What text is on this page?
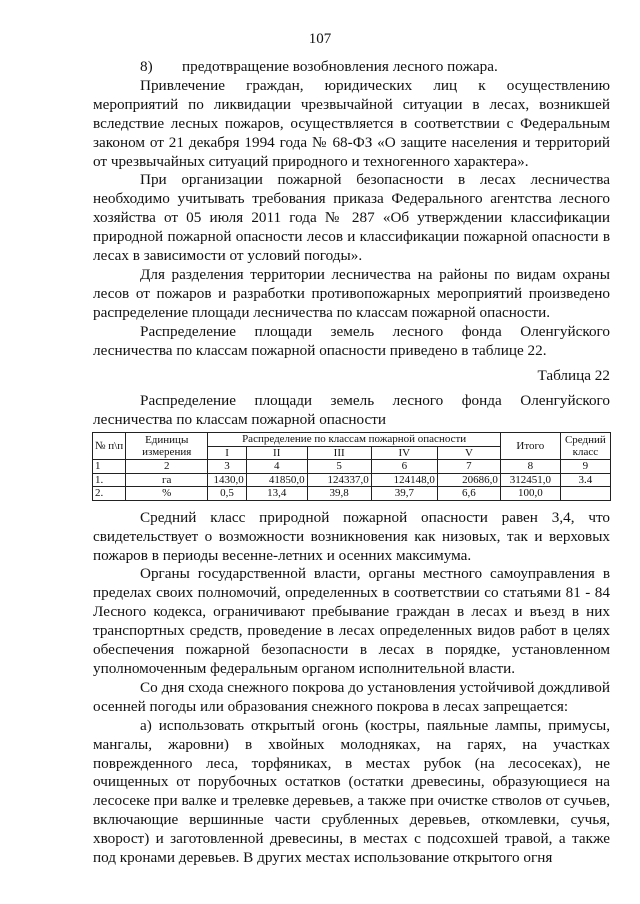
107

8) предотвращение возобновления лесного пожара.

Привлечение граждан, юридических лиц к осуществлению мероприятий по ликвидации чрезвычайной ситуации в лесах, возникшей вследствие лесных пожаров, осуществляется в соответствии с Федеральным законом от 21 декабря 1994 года № 68-ФЗ «О защите населения и территорий от чрезвычайных ситуаций природного и техногенного характера».

При организации пожарной безопасности в лесах лесничества необходимо учитывать требования приказа Федерального агентства лесного хозяйства от 05 июля 2011 года № 287 «Об утверждении классификации природной пожарной опасности лесов и классификации пожарной опасности в лесах в зависимости от условий погоды».

Для разделения территории лесничества на районы по видам охраны лесов от пожаров и разработки противопожарных мероприятий произведено распределение площади лесничества по классам пожарной опасности.

Распределение площади земель лесного фонда Оленгуйского лесничества по классам пожарной опасности приведено в таблице 22.

Таблица 22

Распределение площади земель лесного фонда Оленгуйского лесничества по классам пожарной опасности

№ п\п	Единицы измерения	Распределение по классам пожарной опасности					Итого	Средний класс
		I	II	III	IV	V		
1	2	3	4	5	6	7	8	9
1.	га	1430,0	41850,0	124337,0	124148,0	20686,0	312451,0	3.4
2.	%	0,5	13,4	39,8	39,7	6,6	100,0	

Средний класс природной пожарной опасности равен 3,4, что свидетельствует о возможности возникновения как низовых, так и верховых пожаров в периоды весенне-летних и осенних максимума.

Органы государственной власти, органы местного самоуправления в пределах своих полномочий, определенных в соответствии со статьями 81 - 84 Лесного кодекса, ограничивают пребывание граждан в лесах и въезд в них транспортных средств, проведение в лесах определенных видов работ в целях обеспечения пожарной безопасности в лесах в порядке, установленном уполномоченным федеральным органом исполнительной власти.

Со дня схода снежного покрова до установления устойчивой дождливой осенней погоды или образования снежного покрова в лесах запрещается:

а) использовать открытый огонь (костры, паяльные лампы, примусы, мангалы, жаровни) в хвойных молодняках, на гарях, на участках поврежденного леса, торфяниках, в местах рубок (на лесосеках), не очищенных от порубочных остатков (остатки древесины, образующиеся на лесосеке при валке и трелевке деревьев, а также при очистке стволов от сучьев, включающие вершинные части срубленных деревьев, откомлевки, сучья, хворост) и заготовленной древесины, в местах с подсохшей травой, а также под кронами деревьев. В других местах использование открытого огня
